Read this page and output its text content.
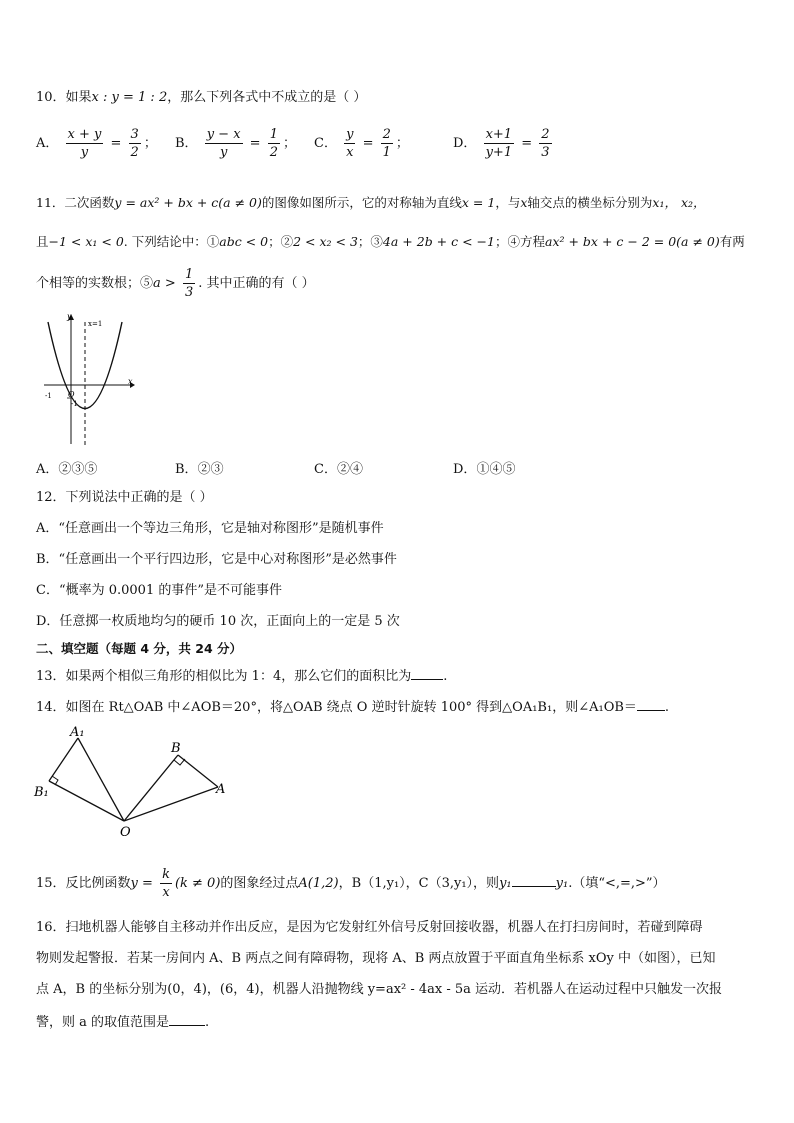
10．如果x : y = 1 : 2，那么下列各式中不成立的是（ ）
A． $\frac{x + y}{y} = \frac{3}{2}$ ； B． $\frac{y - x}{y} = \frac{1}{2}$ ； C． $\frac{y}{x} = \frac{2}{1}$ ；	D． $\frac{x+1}{y+1} = \frac{2}{3}$
11．二次函数y = ax² + bx + c(a ≠ 0)的图像如图所示，它的对称轴为直线x = 1，与x轴交点的横坐标分别为x₁， x₂，
且−1 < x₁ < 0. 下列结论中：①abc < 0；②2 < x₂ < 3；③4a + 2b + c < −1；④方程ax² + bx + c − 2 = 0(a ≠ 0)有两
个相等的实数根；⑤a > $\frac{1}{3}$ . 其中正确的有（ ）
y
x
x=1
O
-1
-1
A．②③⑤	B．②③	C．②④	D．①④⑤
12．下列说法中正确的是（ ）
A．“任意画出一个等边三角形，它是轴对称图形”是随机事件
B．“任意画出一个平行四边形，它是中心对称图形”是必然事件
C．“概率为 0.0001 的事件”是不可能事件
D．任意掷一枚质地均匀的硬币 10 次，正面向上的一定是 5 次
二、填空题（每题 4 分，共 24 分）
13．如果两个相似三角形的相似比为 1：4，那么它们的面积比为 .
14．如图在 Rt△OAB 中∠AOB＝20°，将△OAB 绕点 O 逆时针旋转 100° 得到△OA₁B₁，则∠A₁OB＝ .
A₁
B₁
B
A
O
15．反比例函数$y = \frac{k}{x} (k \ne 0)$的图象经过点A(1,2)，B（1,y₁），C（3,y₁），则y₁	y₁.（填“<,=,>”）
16．扫地机器人能够自主移动并作出反应，是因为它发射红外信号反射回接收器，机器人在打扫房间时，若碰到障碍
物则发起警报．若某一房间内 A、B 两点之间有障碍物，现将 A、B 两点放置于平面直角坐标系 xOy 中（如图），已知
点 A，B 的坐标分别为(0，4)，(6，4)，机器人沿抛物线 y=ax² - 4ax - 5a 运动．若机器人在运动过程中只触发一次报
警，则 a 的取值范围是	.
